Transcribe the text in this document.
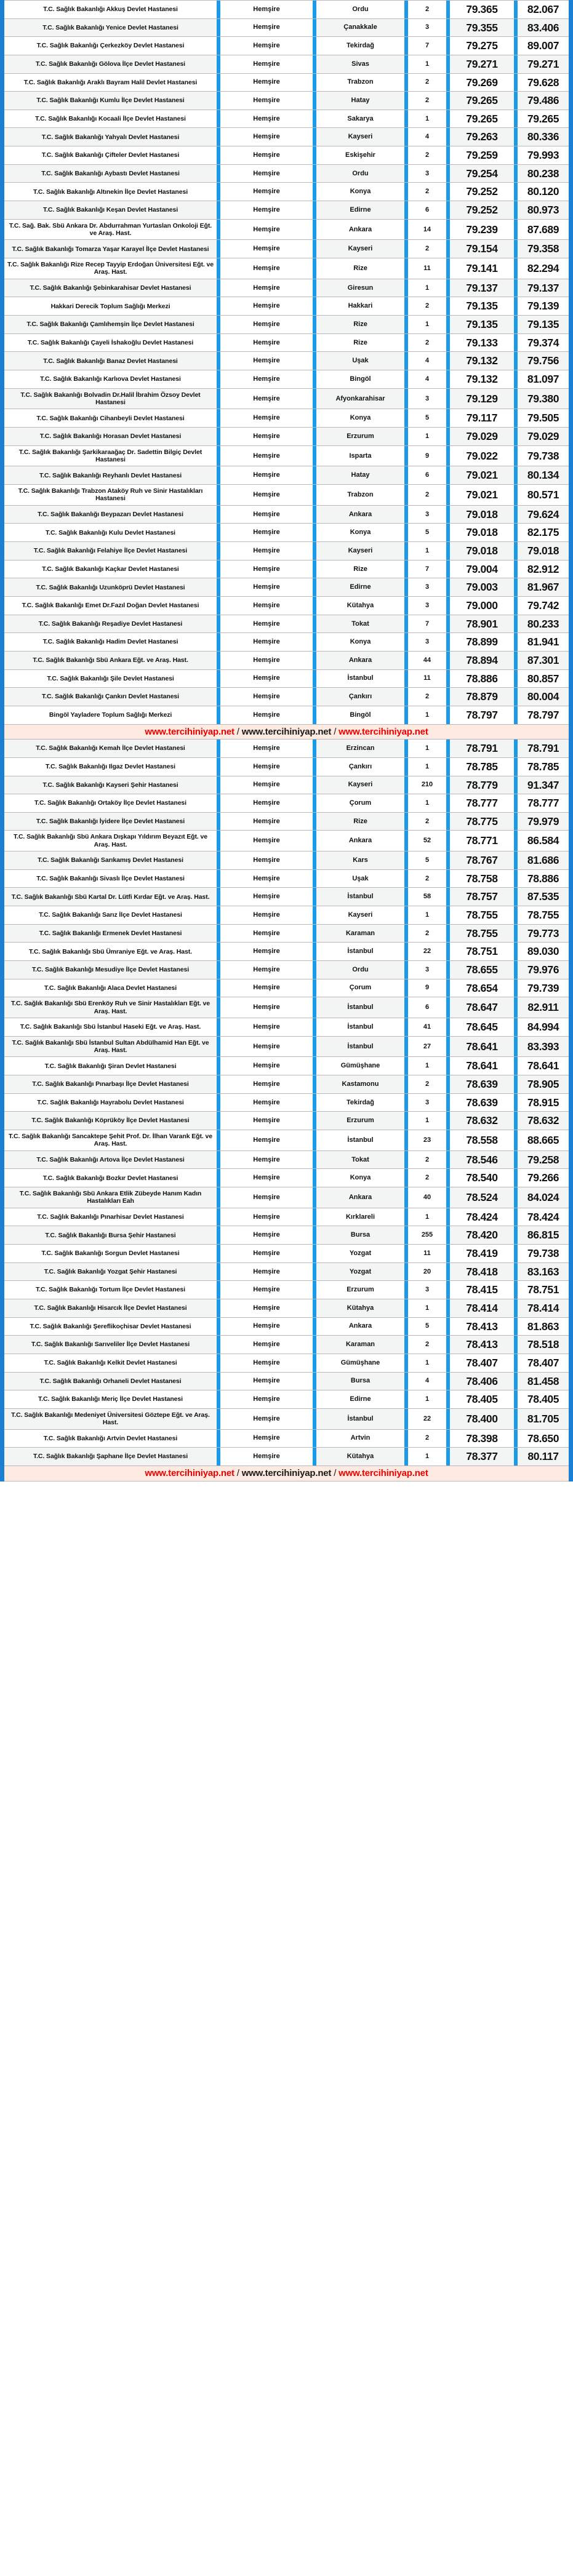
T.C. Sağlık Bakanlığı Akkuş Devlet Hastanesi		Hemşire		Ordu		2		79.365		82.067
T.C. Sağlık Bakanlığı Yenice Devlet Hastanesi		Hemşire		Çanakkale		3		79.355		83.406
T.C. Sağlık Bakanlığı Çerkezköy Devlet Hastanesi		Hemşire		Tekirdağ		7		79.275		89.007
T.C. Sağlık Bakanlığı Gölova İlçe Devlet Hastanesi		Hemşire		Sivas		1		79.271		79.271
T.C. Sağlık Bakanlığı Araklı Bayram Halil Devlet Hastanesi		Hemşire		Trabzon		2		79.269		79.628
T.C. Sağlık Bakanlığı Kumlu İlçe Devlet Hastanesi		Hemşire		Hatay		2		79.265		79.486
T.C. Sağlık Bakanlığı Kocaali İlçe Devlet Hastanesi		Hemşire		Sakarya		1		79.265		79.265
T.C. Sağlık Bakanlığı Yahyalı Devlet Hastanesi		Hemşire		Kayseri		4		79.263		80.336
T.C. Sağlık Bakanlığı Çifteler Devlet Hastanesi		Hemşire		Eskişehir		2		79.259		79.993
T.C. Sağlık Bakanlığı Aybastı Devlet Hastanesi		Hemşire		Ordu		3		79.254		80.238
T.C. Sağlık Bakanlığı Altınekin İlçe Devlet Hastanesi		Hemşire		Konya		2		79.252		80.120
T.C. Sağlık Bakanlığı Keşan Devlet Hastanesi		Hemşire		Edirne		6		79.252		80.973
T.C. Sağ. Bak. Sbü Ankara Dr. Abdurrahman Yurtaslan Onkoloji Eğt. ve Araş. Hast.		Hemşire		Ankara		14		79.239		87.689
T.C. Sağlık Bakanlığı Tomarza Yaşar Karayel İlçe Devlet Hastanesi		Hemşire		Kayseri		2		79.154		79.358
T.C. Sağlık Bakanlığı Rize Recep Tayyip Erdoğan Üniversitesi Eğt. ve Araş. Hast.		Hemşire		Rize		11		79.141		82.294
T.C. Sağlık Bakanlığı Şebinkarahisar Devlet Hastanesi		Hemşire		Giresun		1		79.137		79.137
Hakkari Derecik Toplum Sağlığı Merkezi		Hemşire		Hakkari		2		79.135		79.139
T.C. Sağlık Bakanlığı Çamlıhemşin İlçe Devlet Hastanesi		Hemşire		Rize		1		79.135		79.135
T.C. Sağlık Bakanlığı Çayeli İshakoğlu Devlet Hastanesi		Hemşire		Rize		2		79.133		79.374
T.C. Sağlık Bakanlığı Banaz Devlet Hastanesi		Hemşire		Uşak		4		79.132		79.756
T.C. Sağlık Bakanlığı Karlıova Devlet Hastanesi		Hemşire		Bingöl		4		79.132		81.097
T.C. Sağlık Bakanlığı Bolvadin Dr.Halil İbrahim Özsoy Devlet Hastanesi		Hemşire		Afyonkarahisar		3		79.129		79.380
T.C. Sağlık Bakanlığı Cihanbeyli Devlet Hastanesi		Hemşire		Konya		5		79.117		79.505
T.C. Sağlık Bakanlığı Horasan Devlet Hastanesi		Hemşire		Erzurum		1		79.029		79.029
T.C. Sağlık Bakanlığı Şarkikaraağaç Dr. Sadettin Bilgiç Devlet Hastanesi		Hemşire		Isparta		9		79.022		79.738
T.C. Sağlık Bakanlığı Reyhanlı Devlet Hastanesi		Hemşire		Hatay		6		79.021		80.134
T.C. Sağlık Bakanlığı Trabzon Ataköy Ruh ve Sinir Hastalıkları Hastanesi		Hemşire		Trabzon		2		79.021		80.571
T.C. Sağlık Bakanlığı Beypazarı Devlet Hastanesi		Hemşire		Ankara		3		79.018		79.624
T.C. Sağlık Bakanlığı Kulu Devlet Hastanesi		Hemşire		Konya		5		79.018		82.175
T.C. Sağlık Bakanlığı Felahiye İlçe Devlet Hastanesi		Hemşire		Kayseri		1		79.018		79.018
T.C. Sağlık Bakanlığı Kaçkar Devlet Hastanesi		Hemşire		Rize		7		79.004		82.912
T.C. Sağlık Bakanlığı Uzunköprü Devlet Hastanesi		Hemşire		Edirne		3		79.003		81.967
T.C. Sağlık Bakanlığı Emet Dr.Fazıl Doğan Devlet Hastanesi		Hemşire		Kütahya		3		79.000		79.742
T.C. Sağlık Bakanlığı Reşadiye Devlet Hastanesi		Hemşire		Tokat		7		78.901		80.233
T.C. Sağlık Bakanlığı Hadim Devlet Hastanesi		Hemşire		Konya		3		78.899		81.941
T.C. Sağlık Bakanlığı Sbü Ankara Eğt. ve Araş. Hast.		Hemşire		Ankara		44		78.894		87.301
T.C. Sağlık Bakanlığı Şile Devlet Hastanesi		Hemşire		İstanbul		11		78.886		80.857
T.C. Sağlık Bakanlığı Çankırı Devlet Hastanesi		Hemşire		Çankırı		2		78.879		80.004
Bingöl Yayladere Toplum Sağlığı Merkezi		Hemşire		Bingöl		1		78.797		78.797

www.tercihiniyap.net / www.tercihiniyap.net / www.tercihiniyap.net										

T.C. Sağlık Bakanlığı Kemah İlçe Devlet Hastanesi		Hemşire		Erzincan		1		78.791		78.791
T.C. Sağlık Bakanlığı Ilgaz Devlet Hastanesi		Hemşire		Çankırı		1		78.785		78.785
T.C. Sağlık Bakanlığı Kayseri Şehir Hastanesi		Hemşire		Kayseri		210		78.779		91.347
T.C. Sağlık Bakanlığı Ortaköy İlçe Devlet Hastanesi		Hemşire		Çorum		1		78.777		78.777
T.C. Sağlık Bakanlığı İyidere İlçe Devlet Hastanesi		Hemşire		Rize		2		78.775		79.979
T.C. Sağlık Bakanlığı Sbü Ankara Dışkapı Yıldırım Beyazıt Eğt. ve Araş. Hast.		Hemşire		Ankara		52		78.771		86.584
T.C. Sağlık Bakanlığı Sarıkamış Devlet Hastanesi		Hemşire		Kars		5		78.767		81.686
T.C. Sağlık Bakanlığı Sivaslı İlçe Devlet Hastanesi		Hemşire		Uşak		2		78.758		78.886
T.C. Sağlık Bakanlığı Sbü Kartal Dr. Lütfi Kırdar Eğt. ve Araş. Hast.		Hemşire		İstanbul		58		78.757		87.535
T.C. Sağlık Bakanlığı Sarız İlçe Devlet Hastanesi		Hemşire		Kayseri		1		78.755		78.755
T.C. Sağlık Bakanlığı Ermenek Devlet Hastanesi		Hemşire		Karaman		2		78.755		79.773
T.C. Sağlık Bakanlığı Sbü Ümraniye Eğt. ve Araş. Hast.		Hemşire		İstanbul		22		78.751		89.030
T.C. Sağlık Bakanlığı Mesudiye İlçe Devlet Hastanesi		Hemşire		Ordu		3		78.655		79.976
T.C. Sağlık Bakanlığı Alaca Devlet Hastanesi		Hemşire		Çorum		9		78.654		79.739
T.C. Sağlık Bakanlığı Sbü Erenköy Ruh ve Sinir Hastalıkları Eğt. ve Araş. Hast.		Hemşire		İstanbul		6		78.647		82.911
T.C. Sağlık Bakanlığı Sbü İstanbul Haseki Eğt. ve Araş. Hast.		Hemşire		İstanbul		41		78.645		84.994
T.C. Sağlık Bakanlığı Sbü İstanbul Sultan Abdülhamid Han Eğt. ve Araş. Hast.		Hemşire		İstanbul		27		78.641		83.393
T.C. Sağlık Bakanlığı Şiran Devlet Hastanesi		Hemşire		Gümüşhane		1		78.641		78.641
T.C. Sağlık Bakanlığı Pınarbaşı İlçe Devlet Hastanesi		Hemşire		Kastamonu		2		78.639		78.905
T.C. Sağlık Bakanlığı Hayrabolu Devlet Hastanesi		Hemşire		Tekirdağ		3		78.639		78.915
T.C. Sağlık Bakanlığı Köprüköy İlçe Devlet Hastanesi		Hemşire		Erzurum		1		78.632		78.632
T.C. Sağlık Bakanlığı Sancaktepe Şehit Prof. Dr. İlhan Varank Eğt. ve Araş. Hast.		Hemşire		İstanbul		23		78.558		88.665
T.C. Sağlık Bakanlığı Artova İlçe Devlet Hastanesi		Hemşire		Tokat		2		78.546		79.258
T.C. Sağlık Bakanlığı Bozkır Devlet Hastanesi		Hemşire		Konya		2		78.540		79.266
T.C. Sağlık Bakanlığı Sbü Ankara Etlik Zübeyde Hanım Kadın Hastalıkları Eah		Hemşire		Ankara		40		78.524		84.024
T.C. Sağlık Bakanlığı Pınarhisar Devlet Hastanesi		Hemşire		Kırklareli		1		78.424		78.424
T.C. Sağlık Bakanlığı Bursa Şehir Hastanesi		Hemşire		Bursa		255		78.420		86.815
T.C. Sağlık Bakanlığı Sorgun Devlet Hastanesi		Hemşire		Yozgat		11		78.419		79.738
T.C. Sağlık Bakanlığı Yozgat Şehir Hastanesi		Hemşire		Yozgat		20		78.418		83.163
T.C. Sağlık Bakanlığı Tortum İlçe Devlet Hastanesi		Hemşire		Erzurum		3		78.415		78.751
T.C. Sağlık Bakanlığı Hisarcık İlçe Devlet Hastanesi		Hemşire		Kütahya		1		78.414		78.414
T.C. Sağlık Bakanlığı Şereflikoçhisar Devlet Hastanesi		Hemşire		Ankara		5		78.413		81.863
T.C. Sağlık Bakanlığı Sarıveliler İlçe Devlet Hastanesi		Hemşire		Karaman		2		78.413		78.518
T.C. Sağlık Bakanlığı Kelkit Devlet Hastanesi		Hemşire		Gümüşhane		1		78.407		78.407
T.C. Sağlık Bakanlığı Orhaneli Devlet Hastanesi		Hemşire		Bursa		4		78.406		81.458
T.C. Sağlık Bakanlığı Meriç İlçe Devlet Hastanesi		Hemşire		Edirne		1		78.405		78.405
T.C. Sağlık Bakanlığı Medeniyet Üniversitesi Göztepe Eğt. ve Araş. Hast.		Hemşire		İstanbul		22		78.400		81.705
T.C. Sağlık Bakanlığı Artvin Devlet Hastanesi		Hemşire		Artvin		2		78.398		78.650
T.C. Sağlık Bakanlığı Şaphane İlçe Devlet Hastanesi		Hemşire		Kütahya		1		78.377		80.117

www.tercihiniyap.net / www.tercihiniyap.net / www.tercihiniyap.net										
